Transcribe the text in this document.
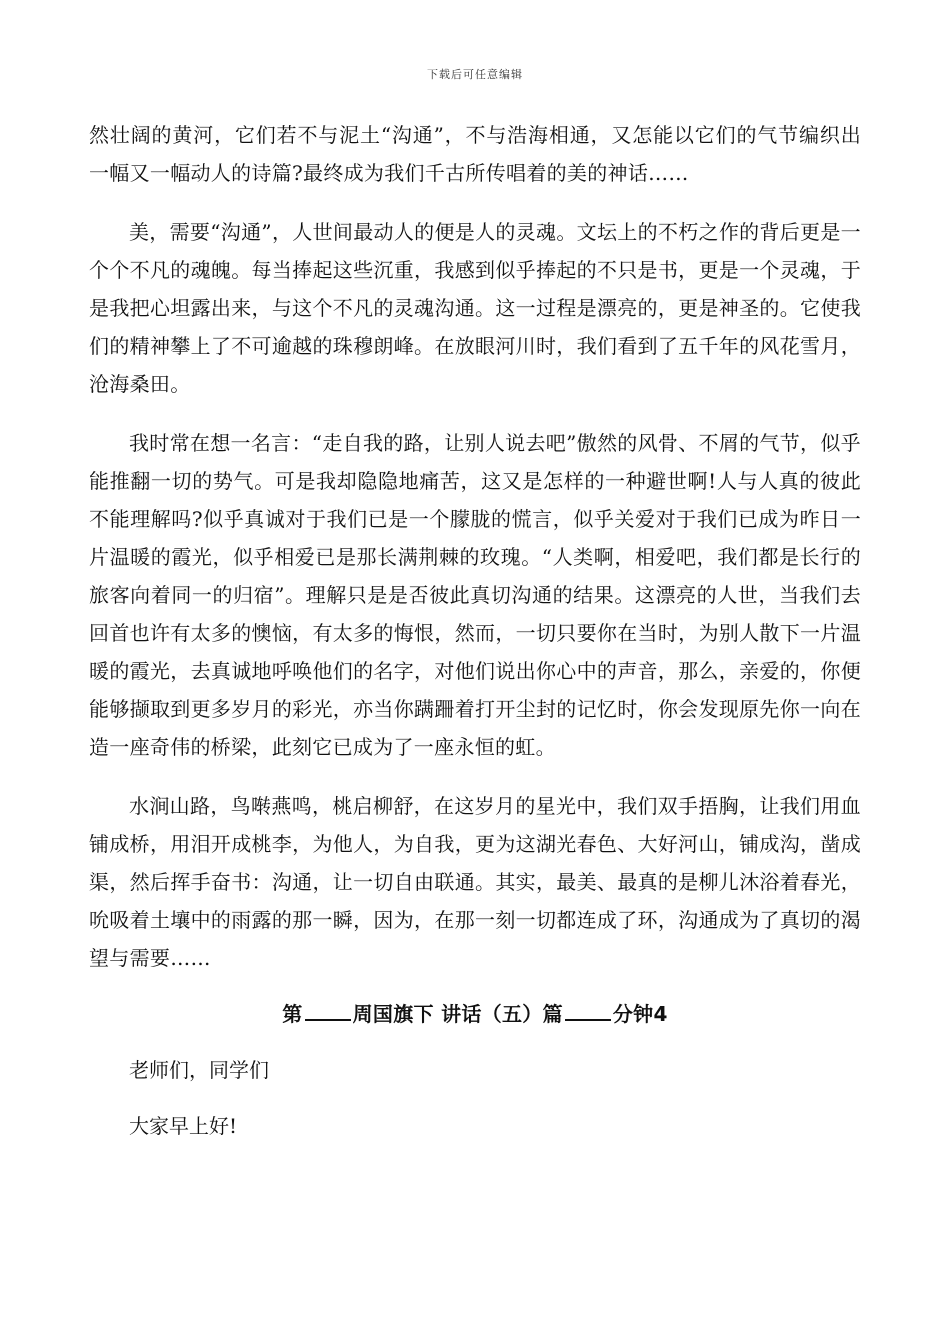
下载后可任意编辑

然壮阔的黄河，它们若不与泥土“沟通”，不与浩海相通，又怎能以它们的气节编织出一幅又一幅动人的诗篇?最终成为我们千古所传唱着的美的神话……

美，需要“沟通”，人世间最动人的便是人的灵魂。文坛上的不朽之作的背后更是一个个不凡的魂魄。每当捧起这些沉重，我感到似乎捧起的不只是书，更是一个灵魂，于是我把心坦露出来，与这个不凡的灵魂沟通。这一过程是漂亮的，更是神圣的。它使我们的精神攀上了不可逾越的珠穆朗峰。在放眼河川时，我们看到了五千年的风花雪月，沧海桑田。

我时常在想一名言：“走自我的路，让别人说去吧”傲然的风骨、不屑的气节，似乎能推翻一切的势气。可是我却隐隐地痛苦，这又是怎样的一种避世啊!人与人真的彼此不能理解吗?似乎真诚对于我们已是一个朦胧的慌言，似乎关爱对于我们已成为昨日一片温暖的霞光，似乎相爱已是那长满荆棘的玫瑰。“人类啊，相爱吧，我们都是长行的旅客向着同一的归宿”。理解只是是否彼此真切沟通的结果。这漂亮的人世，当我们去回首也许有太多的懊恼，有太多的悔恨，然而，一切只要你在当时，为别人散下一片温暖的霞光，去真诚地呼唤他们的名字，对他们说出你心中的声音，那么，亲爱的，你便能够撷取到更多岁月的彩光，亦当你蹒跚着打开尘封的记忆时，你会发现原先你一向在造一座奇伟的桥梁，此刻它已成为了一座永恒的虹。

水涧山路，鸟啭燕鸣，桃启柳舒，在这岁月的星光中，我们双手捂胸，让我们用血铺成桥，用泪开成桃李，为他人，为自我，更为这湖光春色、大好河山，铺成沟，凿成渠，然后挥手奋书：沟通，让一切自由联通。其实，最美、最真的是柳儿沐浴着春光，吮吸着土壤中的雨露的那一瞬，因为，在那一刻一切都连成了环，沟通成为了真切的渴望与需要……

第	周国旗下 讲话（五）篇	分钟4

老师们，同学们

大家早上好!
